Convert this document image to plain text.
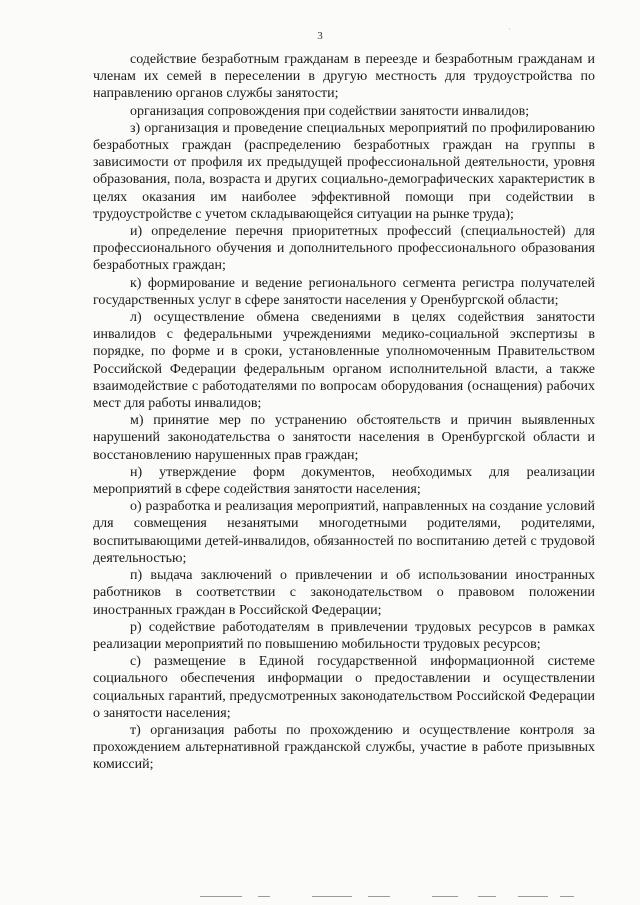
3
·

содействие безработным гражданам в переезде и безработным гражданам и членам их семей в переселении в другую местность для трудоустройства по направлению органов службы занятости;

организация сопровождения при содействии занятости инвалидов;

з) организация и проведение специальных мероприятий по профилированию безработных граждан (распределению безработных граждан на группы в зависимости от профиля их предыдущей профессиональной деятельности, уровня образования, пола, возраста и других социально-демографических характеристик в целях оказания им наиболее эффективной помощи при содействии в трудоустройстве с учетом складывающейся ситуации на рынке труда);

и) определение перечня приоритетных профессий (специальностей) для профессионального обучения и дополнительного профессионального образования безработных граждан;

к) формирование и ведение регионального сегмента регистра получателей государственных услуг в сфере занятости населения у Оренбургской области;

л) осуществление обмена сведениями в целях содействия занятости инвалидов с федеральными учреждениями медико-социальной экспертизы в порядке, по форме и в сроки, установленные уполномоченным Правительством Российской Федерации федеральным органом исполнительной власти, а также взаимодействие с работодателями по вопросам оборудования (оснащения) рабочих мест для работы инвалидов;

м) принятие мер по устранению обстоятельств и причин выявленных нарушений законодательства о занятости населения в Оренбургской области и восстановлению нарушенных прав граждан;

н) утверждение форм документов, необходимых для реализации мероприятий в сфере содействия занятости населения;

о) разработка и реализация мероприятий, направленных на создание условий для совмещения незанятыми многодетными родителями, родителями, воспитывающими детей-инвалидов, обязанностей по воспитанию детей с трудовой деятельностью;

п) выдача заключений о привлечении и об использовании иностранных работников в соответствии с законодательством о правовом положении иностранных граждан в Российской Федерации;

р) содействие работодателям в привлечении трудовых ресурсов в рамках реализации мероприятий по повышению мобильности трудовых ресурсов;

с) размещение в Единой государственной информационной системе социального обеспечения информации о предоставлении и осуществлении социальных гарантий, предусмотренных законодательством Российской Федерации о занятости населения;

т) организация работы по прохождению и осуществление контроля за прохождением альтернативной гражданской службы, участие в работе призывных комиссий;
